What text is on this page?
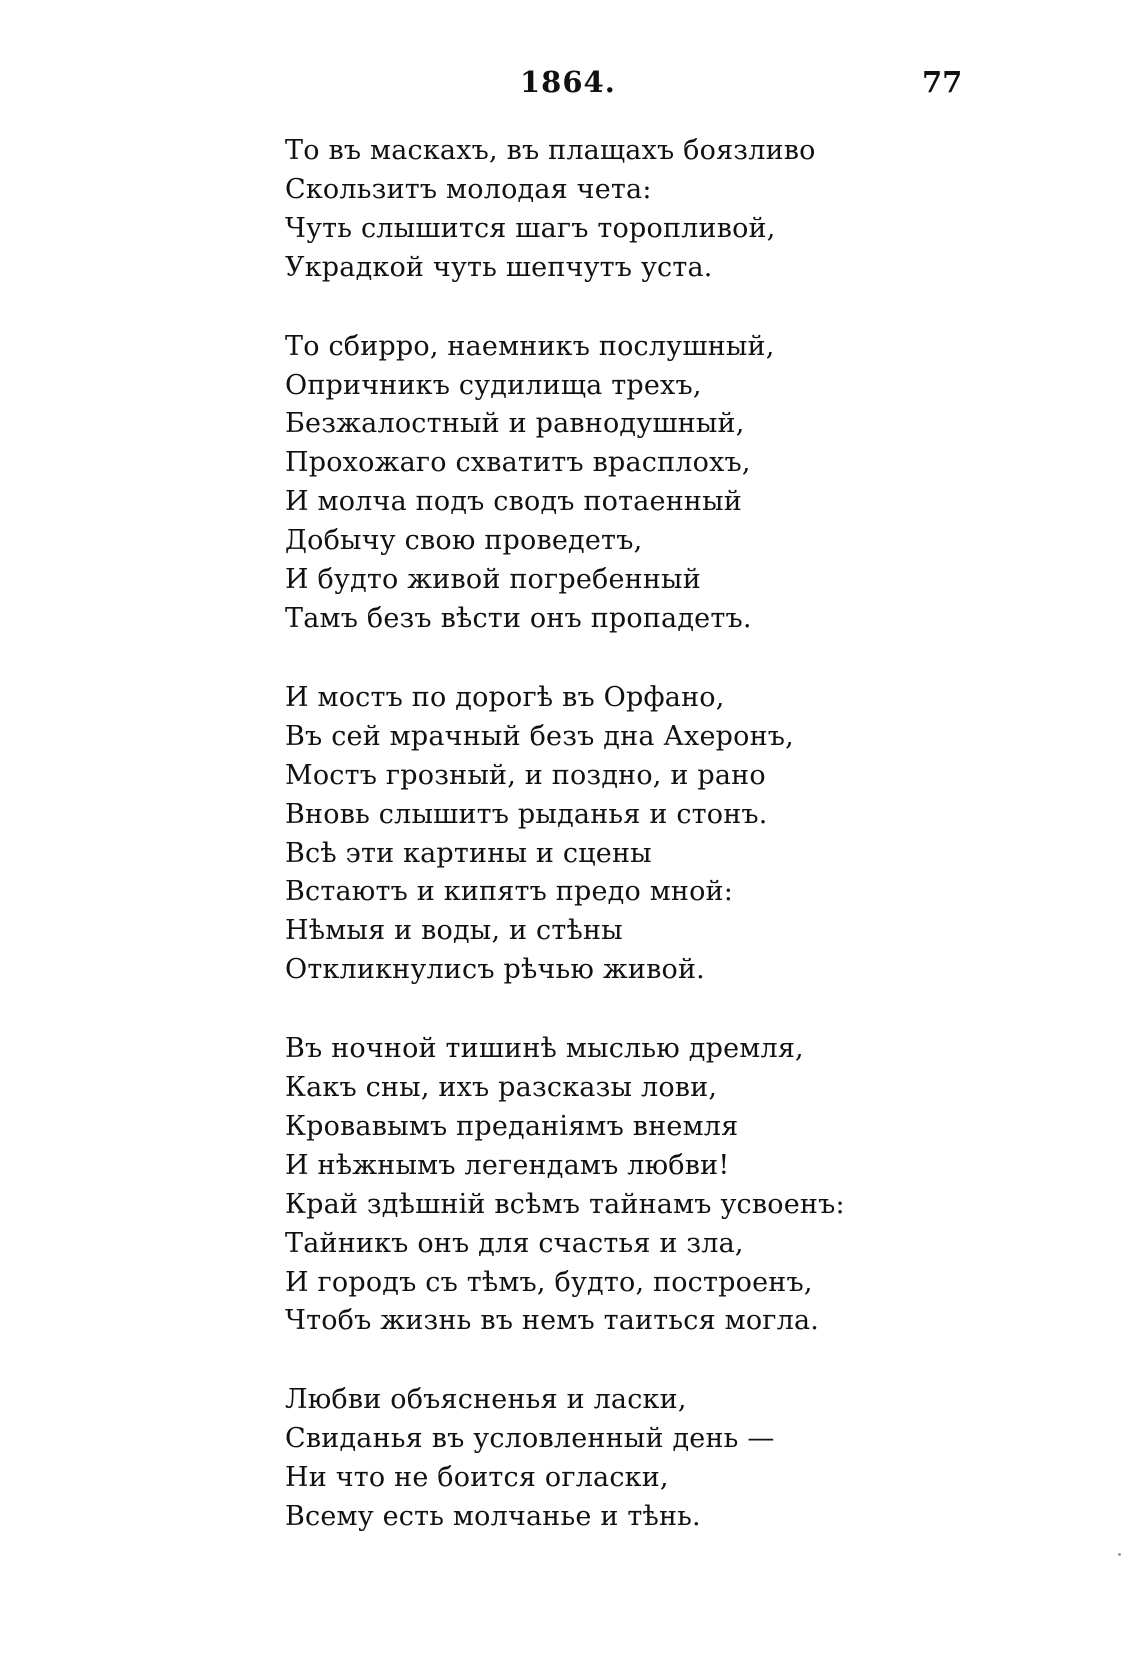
1864.	77
То въ маскахъ, въ плащахъ боязливо
Скользитъ молодая чета:
Чуть слышится шагъ торопливой,
Украдкой чуть шепчутъ уста.
То сбирро, наемникъ послушный,
Опричникъ судилища трехъ,
Безжалостный и равнодушный,
Прохожаго схватитъ врасплохъ,
И молча подъ сводъ потаенный
Добычу свою проведетъ,
И будто живой погребенный
Тамъ безъ вѣсти онъ пропадетъ.
И мостъ по дорогѣ въ Орфано,
Въ сей мрачный безъ дна Ахеронъ,
Мостъ грозный, и поздно, и рано
Вновь слышитъ рыданья и стонъ.
Всѣ эти картины и сцены
Встаютъ и кипятъ предо мной:
Нѣмыя и воды, и стѣны
Откликнулисъ рѣчью живой.
Въ ночной тишинѣ мыслью дремля,
Какъ сны, ихъ разсказы лови,
Кровавымъ преданіямъ внемля
И нѣжнымъ легендамъ любви!
Край здѣшній всѣмъ тайнамъ усвоенъ:
Тайникъ онъ для счастья и зла,
И городъ съ тѣмъ, будто, построенъ,
Чтобъ жизнь въ немъ таиться могла.
Любви объясненья и ласки,
Свиданья въ условленный день —
Ни что не боится огласки,
Всему есть молчанье и тѣнь.
